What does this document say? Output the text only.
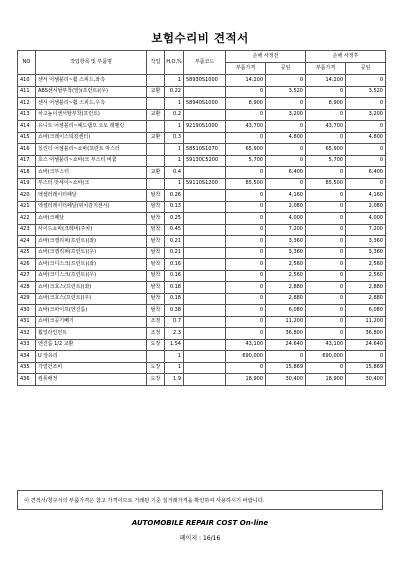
보험수리비 견적서
NO	작업항목 및 부품명	작업	H,O,%	부품코드	손해 사정전		손해 사정후	
					부품가격	공임	부품가격	공임
410	센서 어셈블리~휠 스피드,좌측		1	58930S1000	14,200	0	14,200	0
411	ABS센서탈부착(앞)(프런트)(우)	교환	0.22		0	3,520	0	3,520
412	센서 어셈블리~휠 스피드,우측		1	58940S1000	8,900	0	8,900	0
413	차고높이센서탈부착(프런트)	교환	0.2		0	3,200	0	3,200
414	유니트 어셈블리~헤드램프 오토 레벨링		1	92190S1000	43,700	0	43,700	0
415	쇼바(크레이스틱킹센터)	교환	0.3		0	4,800	0	4,800
416	실린더 어셈블리~쇼바(프런트 마스터		1	58510S1070	65,900	0	65,900	0
417	호스 어셈블리~쇼바(크 부스터 버큠		1	59130C5200	5,700	0	5,700	0
418	쇼바(크부스터	교환	0.4		0	6,400	0	6,400
419	부스터 앗세이~쇼바(크		1	59110S1200	85,500	0	85,500	0
420	엑셀러레이터페달	탈착	0.26		0	4,160	0	4,160
421	엑셀러레이터페달(위치감지센서)	탈착	0.13		0	2,080	0	2,080
422	쇼바(크페달	탈착	0.25		0	4,000	0	4,000
423	사이드쇼바(크레버(주차)	탈착	0.45		0	7,200	0	7,200
424	쇼바(크캘리퍼(프런트)(좌)	탈착	0.21		0	3,360	0	3,360
425	쇼바(크캘리퍼(프런트)(우)	탈착	0.21		0	3,360	0	3,360
426	쇼바(크디스크(프런트)(좌)	탈착	0.16		0	2,560	0	2,560
427	쇼바(크디스크(프런트)(우)	탈착	0.16		0	2,560	0	2,560
428	쇼바(크호스(프런트)(좌)	탈착	0.18		0	2,880	0	2,880
429	쇼바(크호스(프런트)(우)	탈착	0.18		0	2,880	0	2,880
430	쇼바(크파이프(엔진룸)	탈착	0.38		0	6,080	0	6,080
431	쇼바(크공기빼기	조정	0.7		0	11,200	0	11,200
432	휠얼라인먼트	조정	2.3		0	36,800	0	36,800
433	엔진룸 1/2 교환	도장	1.54		43,100	24,640	43,100	24,640
434	U 앞유리		1		690,000	0	690,000	0
435	가열건조비	도장	1		0	15,869	0	15,869
436	컴퓨배정	도장	1.9		18,900	30,400	18,900	30,400
이 견적서/청구서의 부품가격은 참고 가격이므로 거래된 기준 실거래가격을 확인하여 사용하시기 바랍니다.
AUTOMOBILE REPAIR COST On-line
페이지 : 16/16
